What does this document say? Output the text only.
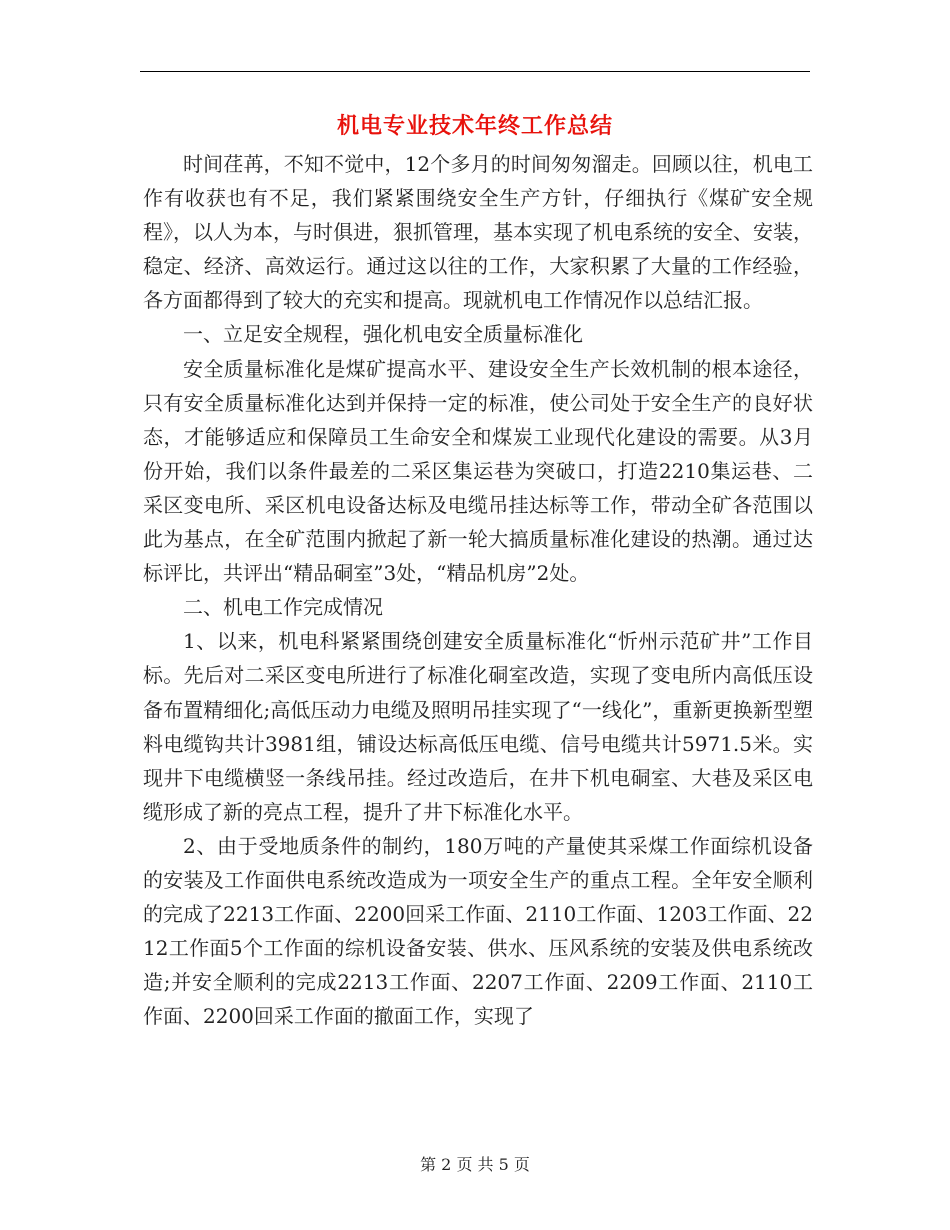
机电专业技术年终工作总结

时间荏苒，不知不觉中，12个多月的时间匆匆溜走。回顾以往，机电工作有收获也有不足，我们紧紧围绕安全生产方针，仔细执行《煤矿安全规程》，以人为本，与时俱进，狠抓管理，基本实现了机电系统的安全、安装，稳定、经济、高效运行。通过这以往的工作，大家积累了大量的工作经验，各方面都得到了较大的充实和提高。现就机电工作情况作以总结汇报。

一、立足安全规程，强化机电安全质量标准化

安全质量标准化是煤矿提高水平、建设安全生产长效机制的根本途径，只有安全质量标准化达到并保持一定的标准，使公司处于安全生产的良好状态，才能够适应和保障员工生命安全和煤炭工业现代化建设的需要。从3月份开始，我们以条件最差的二采区集运巷为突破口，打造2210集运巷、二采区变电所、采区机电设备达标及电缆吊挂达标等工作，带动全矿各范围以此为基点，在全矿范围内掀起了新一轮大搞质量标准化建设的热潮。通过达标评比，共评出“精品硐室”3处，“精品机房”2处。

二、机电工作完成情况

1、以来，机电科紧紧围绕创建安全质量标准化“忻州示范矿井”工作目标。先后对二采区变电所进行了标准化硐室改造，实现了变电所内高低压设备布置精细化;高低压动力电缆及照明吊挂实现了“一线化”，重新更换新型塑料电缆钩共计3981组，铺设达标高低压电缆、信号电缆共计5971.5米。实现井下电缆横竖一条线吊挂。经过改造后，在井下机电硐室、大巷及采区电缆形成了新的亮点工程，提升了井下标准化水平。

2、由于受地质条件的制约，180万吨的产量使其采煤工作面综机设备的安装及工作面供电系统改造成为一项安全生产的重点工程。全年安全顺利的完成了2213工作面、2200回采工作面、2110工作面、1203工作面、2212工作面5个工作面的综机设备安装、供水、压风系统的安装及供电系统改造;并安全顺利的完成2213工作面、2207工作面、2209工作面、2110工作面、2200回采工作面的撤面工作，实现了

第 2 页 共 5 页
